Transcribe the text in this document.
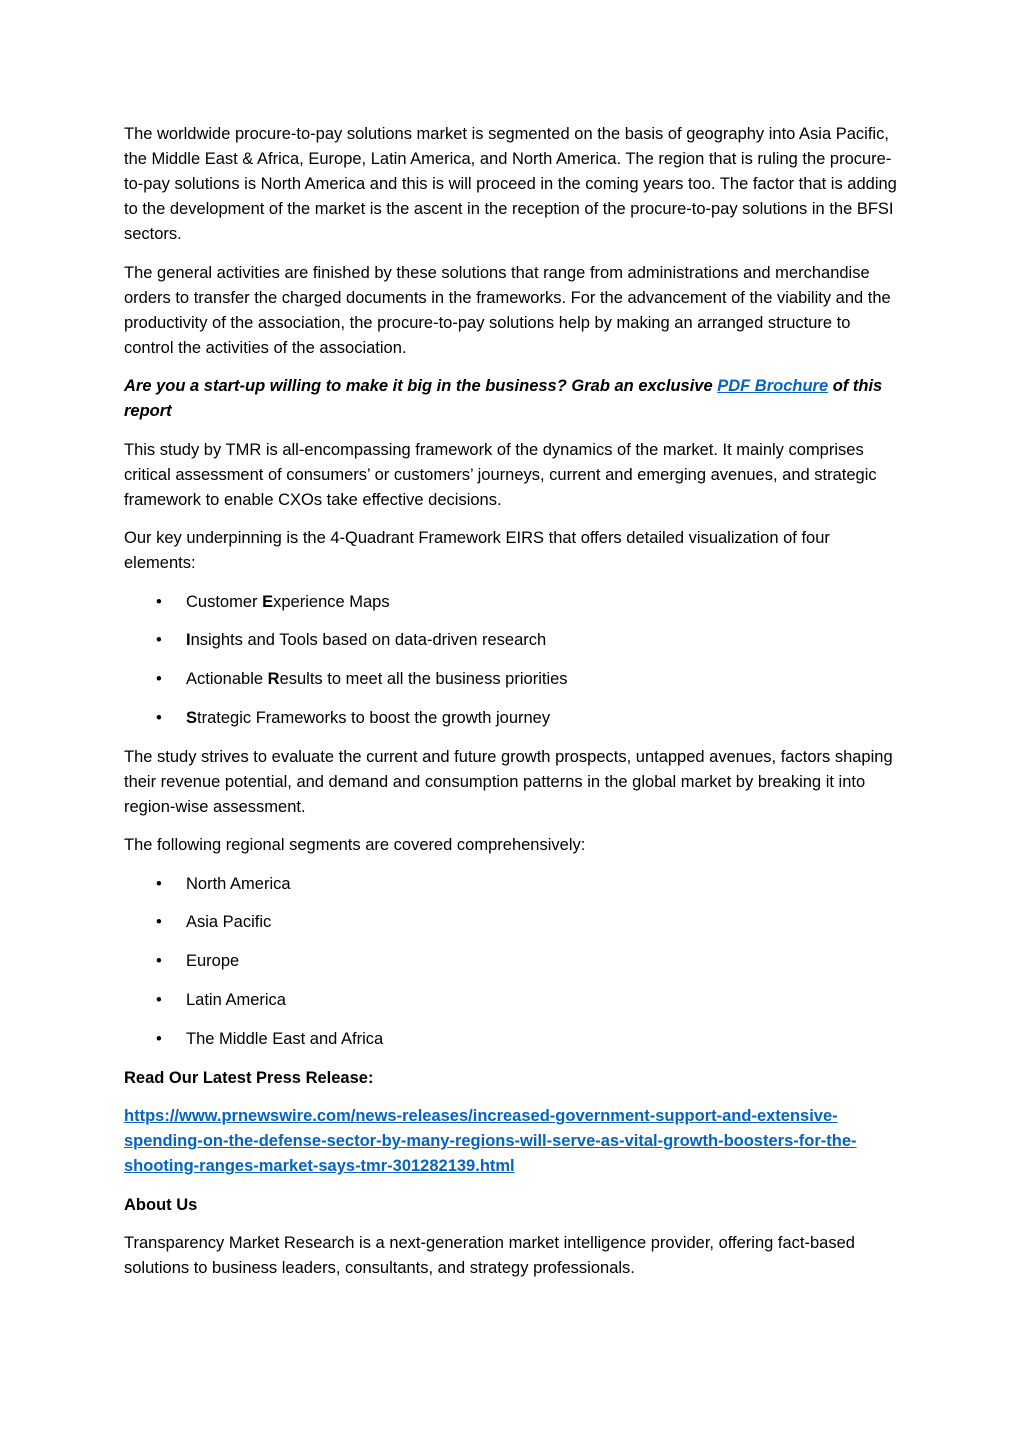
The worldwide procure-to-pay solutions market is segmented on the basis of geography into Asia Pacific, the Middle East & Africa, Europe, Latin America, and North America. The region that is ruling the procure-to-pay solutions is North America and this is will proceed in the coming years too. The factor that is adding to the development of the market is the ascent in the reception of the procure-to-pay solutions in the BFSI sectors.

The general activities are finished by these solutions that range from administrations and merchandise orders to transfer the charged documents in the frameworks. For the advancement of the viability and the productivity of the association, the procure-to-pay solutions help by making an arranged structure to control the activities of the association.

Are you a start-up willing to make it big in the business? Grab an exclusive PDF Brochure of this report

This study by TMR is all-encompassing framework of the dynamics of the market. It mainly comprises critical assessment of consumers’ or customers’ journeys, current and emerging avenues, and strategic framework to enable CXOs take effective decisions.

Our key underpinning is the 4-Quadrant Framework EIRS that offers detailed visualization of four elements:

• Customer Experience Maps
• Insights and Tools based on data-driven research
• Actionable Results to meet all the business priorities
• Strategic Frameworks to boost the growth journey

The study strives to evaluate the current and future growth prospects, untapped avenues, factors shaping their revenue potential, and demand and consumption patterns in the global market by breaking it into region-wise assessment.

The following regional segments are covered comprehensively:

• North America
• Asia Pacific
• Europe
• Latin America
• The Middle East and Africa

Read Our Latest Press Release:

https://www.prnewswire.com/news-releases/increased-government-support-and-extensive-
spending-on-the-defense-sector-by-many-regions-will-serve-as-vital-growth-boosters-for-the-
shooting-ranges-market-says-tmr-301282139.html

About Us

Transparency Market Research is a next-generation market intelligence provider, offering fact-based solutions to business leaders, consultants, and strategy professionals.
